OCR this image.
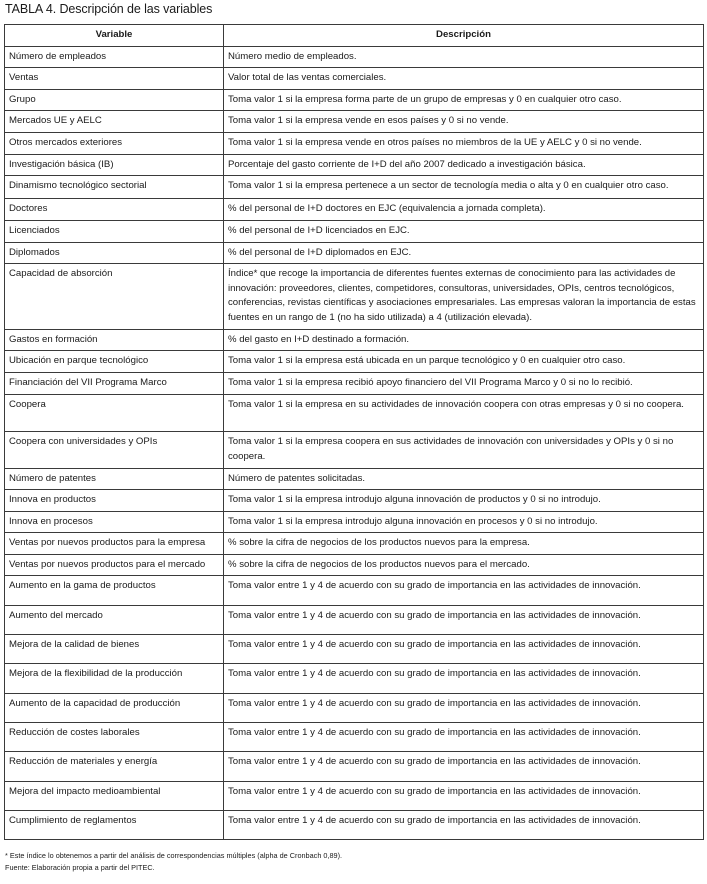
TABLA 4. Descripción de las variables
Variable	Descripción
Número de empleados	Número medio de empleados.
Ventas	Valor total de las ventas comerciales.
Grupo	Toma valor 1 si la empresa forma parte de un grupo de empresas y 0 en cualquier otro caso.
Mercados UE y AELC	Toma valor 1 si la empresa vende en esos países y 0 si no vende.
Otros mercados exteriores	Toma valor 1 si la empresa vende en otros países no miembros de la UE y AELC y 0 si no vende.
Investigación básica (IB)	Porcentaje del gasto corriente de I+D del año 2007 dedicado a investigación básica.
Dinamismo tecnológico sectorial	Toma valor 1 si la empresa pertenece a un sector de tecnología media o alta y 0 en cualquier otro caso.
Doctores	% del personal de I+D doctores en EJC (equivalencia a jornada completa).
Licenciados	% del personal de I+D licenciados en EJC.
Diplomados	% del personal de I+D diplomados en EJC.
Capacidad de absorción	Índice* que recoge la importancia de diferentes fuentes externas de conocimiento para las actividades de innovación: proveedores, clientes, competidores, consultoras, universidades, OPIs, centros tecnológicos, conferencias, revistas científicas y asociaciones empresariales. Las empresas valoran la importancia de estas fuentes en un rango de 1 (no ha sido utilizada) a 4 (utilización elevada).
Gastos en formación	% del gasto en I+D destinado a formación.
Ubicación en parque tecnológico	Toma valor 1 si la empresa está ubicada en un parque tecnológico y 0 en cualquier otro caso.
Financiación del VII Programa Marco	Toma valor 1 si la empresa recibió apoyo financiero del VII Programa Marco y 0 si no lo recibió.
Coopera	Toma valor 1 si la empresa en su actividades de innovación coopera con otras empresas y 0 si no coopera.
Coopera con universidades y OPIs	Toma valor 1 si la empresa coopera en sus actividades de innovación con universidades y OPIs y 0 si no coopera.
Número de patentes	Número de patentes solicitadas.
Innova en productos	Toma valor 1 si la empresa introdujo alguna innovación de productos y 0 si no introdujo.
Innova en procesos	Toma valor 1 si la empresa introdujo alguna innovación en procesos y 0 si no introdujo.
Ventas por nuevos productos para la empresa	% sobre la cifra de negocios de los productos nuevos para la empresa.
Ventas por nuevos productos para el mercado	% sobre la cifra de negocios de los productos nuevos para el mercado.
Aumento en la gama de productos	Toma valor entre 1 y 4 de acuerdo con su grado de importancia en las actividades de innovación.
Aumento del mercado	Toma valor entre 1 y 4 de acuerdo con su grado de importancia en las actividades de innovación.
Mejora de la calidad de bienes	Toma valor entre 1 y 4 de acuerdo con su grado de importancia en las actividades de innovación.
Mejora de la flexibilidad de la producción	Toma valor entre 1 y 4 de acuerdo con su grado de importancia en las actividades de innovación.
Aumento de la capacidad de producción	Toma valor entre 1 y 4 de acuerdo con su grado de importancia en las actividades de innovación.
Reducción de costes laborales	Toma valor entre 1 y 4 de acuerdo con su grado de importancia en las actividades de innovación.
Reducción de materiales y energía	Toma valor entre 1 y 4 de acuerdo con su grado de importancia en las actividades de innovación.
Mejora del impacto medioambiental	Toma valor entre 1 y 4 de acuerdo con su grado de importancia en las actividades de innovación.
Cumplimiento de reglamentos	Toma valor entre 1 y 4 de acuerdo con su grado de importancia en las actividades de innovación.

* Este índice lo obtenemos a partir del análisis de correspondencias múltiples (alpha de Cronbach 0,89).

Fuente: Elaboración propia a partir del PITEC.
